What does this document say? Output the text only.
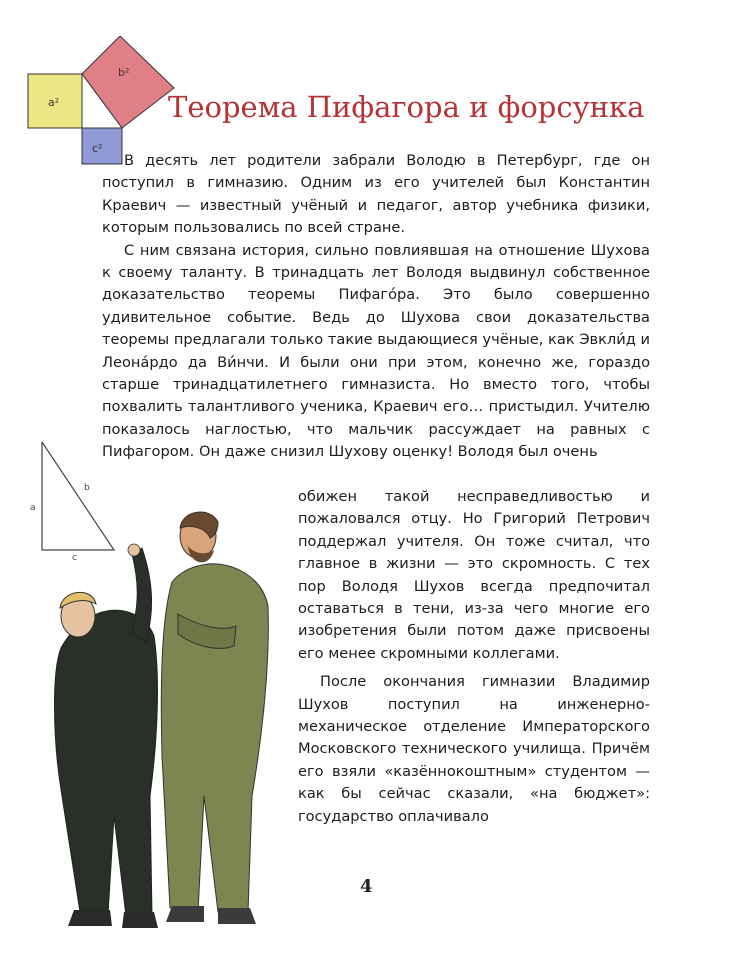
a²
b²
c²
Теорема Пифагора и форсунка

В десять лет родители забрали Володю в Петербург, где он поступил в гимназию. Одним из его учителей был Константин Краевич — известный учёный и педагог, автор учебника физики, которым пользовались по всей стране.

С ним связана история, сильно повлиявшая на отношение Шухова к своему таланту. В тринадцать лет Володя выдвинул собственное доказательство теоремы Пифаго́ра. Это было совершенно удивительное событие. Ведь до Шухова свои доказательства теоремы предлагали только такие выдающиеся учёные, как Эвкли́д и Леона́рдо да Ви́нчи. И были они при этом, конечно же, гораздо старше тринадцатилетнего гимназиста. Но вместо того, чтобы похвалить талантливого ученика, Краевич его… пристыдил. Учителю показалось наглостью, что мальчик рассуждает на равных с Пифагором. Он даже снизил Шухову оценку! Володя был очень

обижен такой несправедливостью и пожаловался отцу. Но Григорий Петрович поддержал учителя. Он тоже считал, что главное в жизни — это скромность. С тех пор Володя Шухов всегда предпочитал оставаться в тени, из-за чего многие его изобретения были потом даже присвоены его менее скромными коллегами.

После окончания гимназии Владимир Шухов поступил на инженерно-механическое отделение Императорского Московского технического училища. Причём его взяли «казённокоштным» студентом — как бы сейчас сказали, «на бюджет»: государство оплачивало

a
b
c
4
